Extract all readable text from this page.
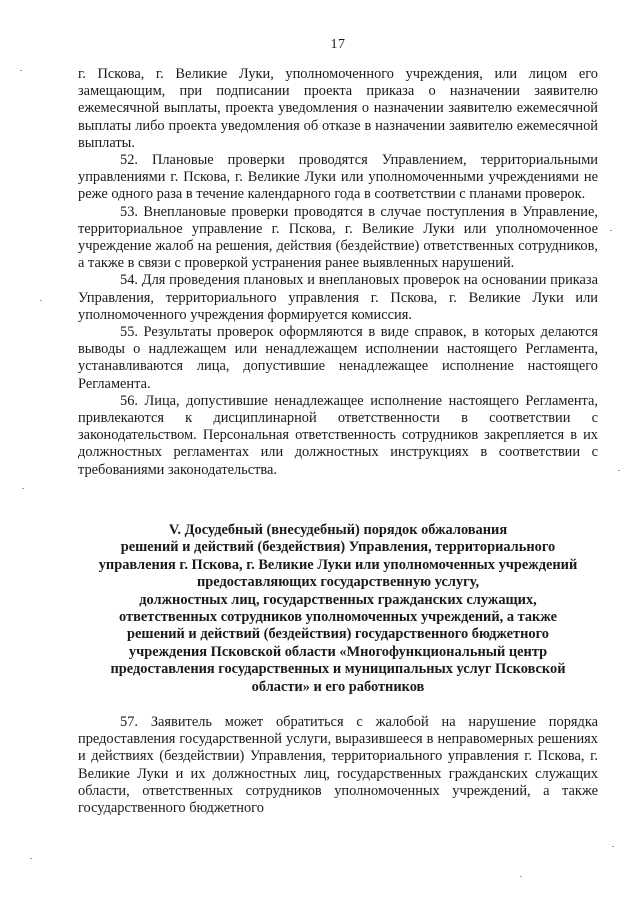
17

г. Пскова, г. Великие Луки, уполномоченного учреждения, или лицом его замещающим, при подписании проекта приказа о назначении заявителю ежемесячной выплаты, проекта уведомления о назначении заявителю ежемесячной выплаты либо проекта уведомления об отказе в назначении заявителю ежемесячной выплаты.

52. Плановые проверки проводятся Управлением, территориальными управлениями г. Пскова, г. Великие Луки или уполномоченными учреждениями не реже одного раза в течение календарного года в соответствии с планами проверок.

53. Внеплановые проверки проводятся в случае поступления в Управление, территориальное управление г. Пскова, г. Великие Луки или уполномоченное учреждение жалоб на решения, действия (бездействие) ответственных сотрудников, а также в связи с проверкой устранения ранее выявленных нарушений.

54. Для проведения плановых и внеплановых проверок на основании приказа Управления, территориального управления г. Пскова, г. Великие Луки или уполномоченного учреждения формируется комиссия.

55. Результаты проверок оформляются в виде справок, в которых делаются выводы о надлежащем или ненадлежащем исполнении настоящего Регламента, устанавливаются лица, допустившие ненадлежащее исполнение настоящего Регламента.

56. Лица, допустившие ненадлежащее исполнение настоящего Регламента, привлекаются к дисциплинарной ответственности в соответствии с законодательством. Персональная ответственность сотрудников закрепляется в их должностных регламентах или должностных инструкциях в соответствии с требованиями законодательства.

V. Досудебный (внесудебный) порядок обжалования
решений и действий (бездействия) Управления, территориального
управления г. Пскова, г. Великие Луки или уполномоченных учреждений
предоставляющих государственную услугу,
должностных лиц, государственных гражданских служащих,
ответственных сотрудников уполномоченных учреждений, а также
решений и действий (бездействия) государственного бюджетного
учреждения Псковской области «Многофункциональный центр
предоставления государственных и муниципальных услуг Псковской
области» и его работников

57. Заявитель может обратиться с жалобой на нарушение порядка предоставления государственной услуги, выразившееся в неправомерных решениях и действиях (бездействии) Управления, территориального управления г. Пскова, г. Великие Луки и их должностных лиц, государственных гражданских служащих области, ответственных сотрудников уполномоченных учреждений, а также государственного бюджетного
